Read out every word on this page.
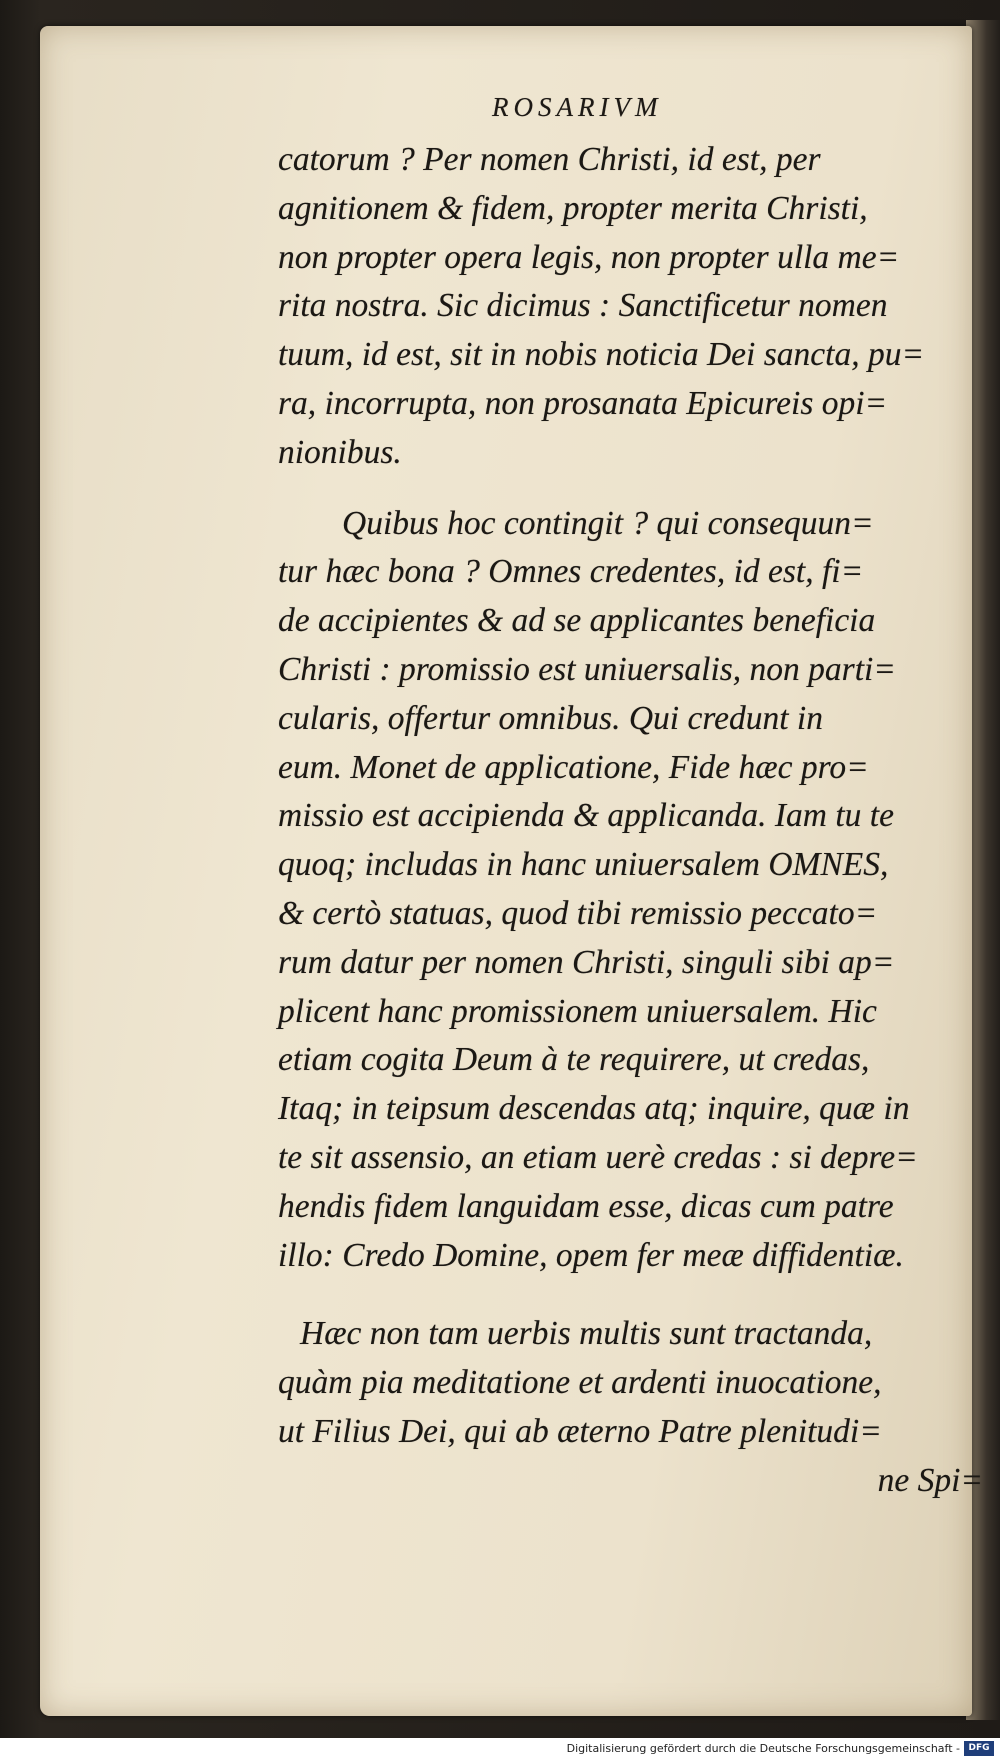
ROSARIVM
catorum ? Per nomen Christi, id est, per
agnitionem & fidem, propter merita Christi,
non propter opera legis, non propter ulla me=
rita nostra. Sic dicimus : Sanctificetur nomen
tuum, id est, sit in nobis noticia Dei sancta, pu=
ra, incorrupta, non prosanata Epicureis opi=
nionibus.
Quibus hoc contingit ? qui consequun=
tur hæc bona ? Omnes credentes, id est, fi=
de accipientes & ad se applicantes beneficia
Christi : promissio est uniuersalis, non parti=
cularis, offertur omnibus. Qui credunt in
eum. Monet de applicatione, Fide hæc pro=
missio est accipienda & applicanda. Iam tu te
quoq; includas in hanc uniuersalem OMNES,
& certò statuas, quod tibi remissio peccato=
rum datur per nomen Christi, singuli sibi ap=
plicent hanc promissionem uniuersalem. Hic
etiam cogita Deum à te requirere, ut credas,
Itaq; in teipsum descendas atq; inquire, quæ in
te sit assensio, an etiam uerè credas : si depre=
hendis fidem languidam esse, dicas cum patre
illo: Credo Domine, opem fer meæ diffidentiæ.
Hæc non tam uerbis multis sunt tractanda,
quàm pia meditatione et ardenti inuocatione,
ut Filius Dei, qui ab æterno Patre plenitudi=
ne Spi=
Digitalisierung gefördert durch die Deutsche Forschungsgemeinschaft - DFG
